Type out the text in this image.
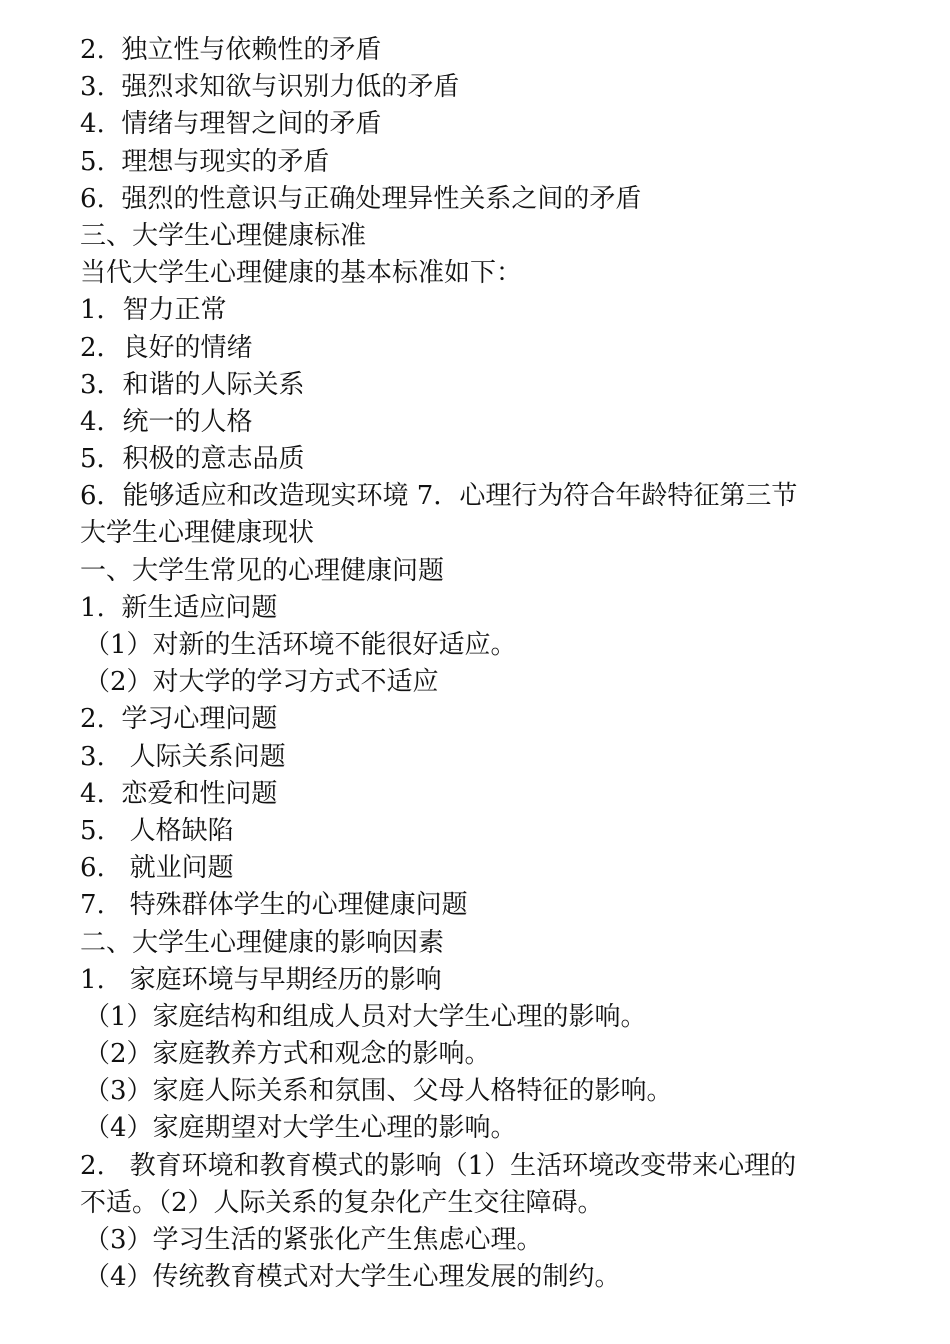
2.  独立性与依赖性的矛盾

3.  强烈求知欲与识别力低的矛盾

4.  情绪与理智之间的矛盾

5.  理想与现实的矛盾

6.  强烈的性意识与正确处理异性关系之间的矛盾

三、大学生心理健康标准

当代大学生心理健康的基本标准如下：

1．智力正常

2．良好的情绪

3．和谐的人际关系

4．统一的人格

5．积极的意志品质

6．能够适应和改造现实环境 7．心理行为符合年龄特征第三节

大学生心理健康现状

一、大学生常见的心理健康问题

1.  新生适应问题

（1）对新的生活环境不能很好适应。

（2）对大学的学习方式不适应

2.  学习心理问题

3.   人际关系问题

4.  恋爱和性问题

5.   人格缺陷

6.   就业问题

7.   特殊群体学生的心理健康问题

二、大学生心理健康的影响因素

1.   家庭环境与早期经历的影响

（1）家庭结构和组成人员对大学生心理的影响。

（2）家庭教养方式和观念的影响。

（3）家庭人际关系和氛围、父母人格特征的影响。

（4）家庭期望对大学生心理的影响。

2.   教育环境和教育模式的影响（1）生活环境改变带来心理的

不适。（2）人际关系的复杂化产生交往障碍。

（3）学习生活的紧张化产生焦虑心理。

（4）传统教育模式对大学生心理发展的制约。
